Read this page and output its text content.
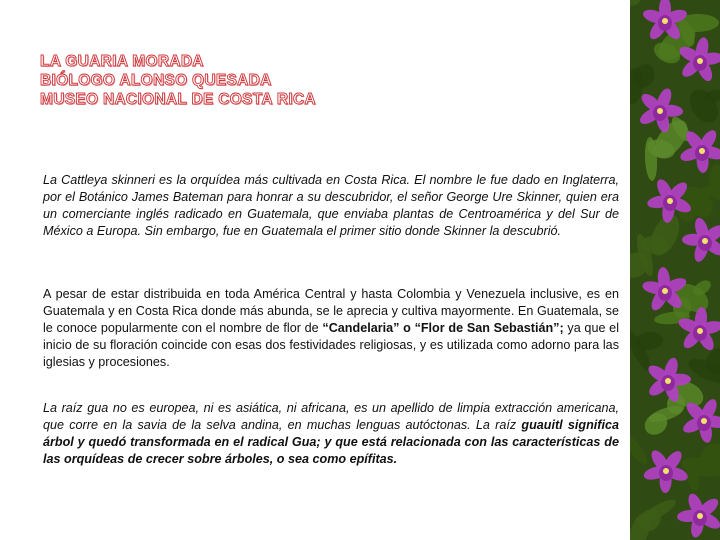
LA GUARIA MORADA
BIÓLOGO ALONSO QUESADA
MUSEO NACIONAL DE COSTA RICA

La Cattleya skinneri es la orquídea más cultivada en Costa Rica. El nombre le fue dado en Inglaterra, por el Botánico James Bateman para honrar a su descubridor, el señor George Ure Skinner, quien era un comerciante inglés radicado en Guatemala, que enviaba plantas de Centroamérica y del Sur de México a Europa. Sin embargo, fue en Guatemala el primer sitio donde Skinner la descubrió.

A pesar de estar distribuida en toda América Central y hasta Colombia y Venezuela inclusive, es en Guatemala y en Costa Rica donde más abunda, se le aprecia y cultiva mayormente. En Guatemala, se le conoce popularmente con el nombre de flor de “Candelaria” o “Flor de San Sebastián”; ya que el inicio de su floración coincide con esas dos festividades religiosas, y es utilizada como adorno para las iglesias y procesiones.

La raíz gua no es europea, ni es asiática, ni africana, es un apellido de limpia extracción americana, que corre en la savia de la selva andina, en muchas lenguas autóctonas. La raíz guauitl significa árbol y quedó transformada en el radical Gua; y que está relacionada con las características de las orquídeas de crecer sobre árboles, o sea como epífitas.
